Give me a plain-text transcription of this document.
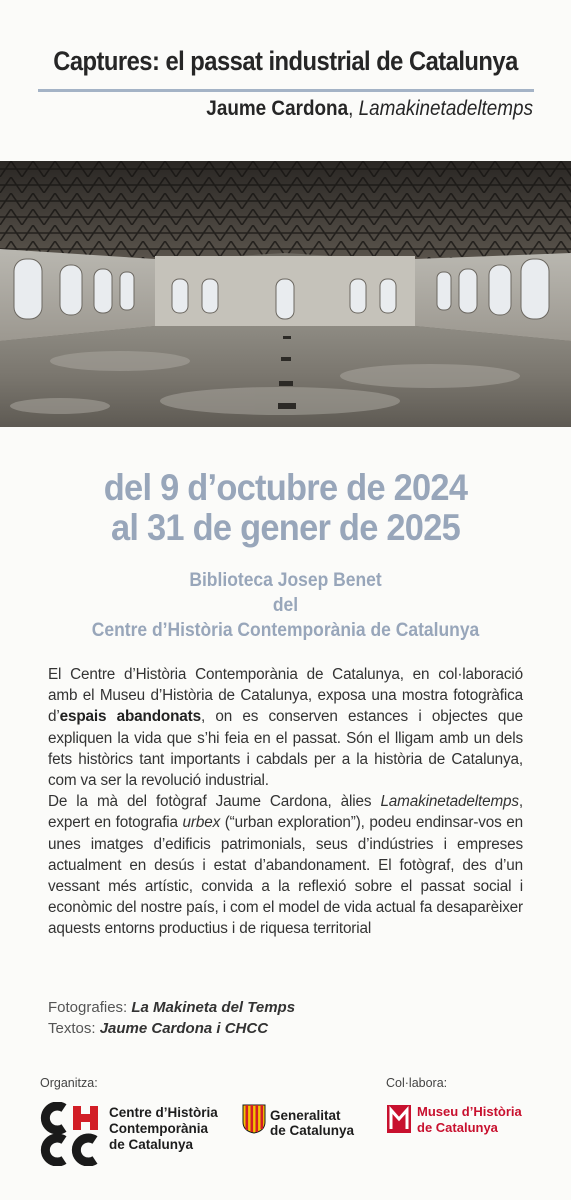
Captures: el passat industrial de Catalunya
Jaume Cardona, Lamakinetadeltemps
del 9 d’octubre de 2024
al 31 de gener de 2025
Biblioteca Josep Benet
del
Centre d’Història Contemporània de Catalunya

El Centre d’Història Contemporània de Catalunya, en col·laboració amb el Museu d’Història de Catalunya, exposa una mostra fotogràfica d’espais abandonats, on es conserven estances i objectes que expliquen la vida que s’hi feia en el passat. Són el lligam amb un dels fets històrics tant importants i cabdals per a la història de Catalunya, com va ser la revolució industrial.

De la mà del fotògraf Jaume Cardona, àlies Lamakinetadeltemps, expert en fotografia urbex (“urban exploration”), podeu endinsar-vos en unes imatges d’edificis patrimonials, seus d’indústries i empreses actualment en desús i estat d’abandonament. El fotògraf, des d’un vessant més artístic, convida a la reflexió sobre el passat social i econòmic del nostre país, i com el model de vida actual fa desaparèixer aquests entorns productius i de riquesa territorial

Fotografies: La Makineta del Temps
Textos: Jaume Cardona i CHCC
Organitza:	Col·labora:
Centre d’Història
Contemporània
de Catalunya
Generalitat
de Catalunya
Museu d’Història
de Catalunya
